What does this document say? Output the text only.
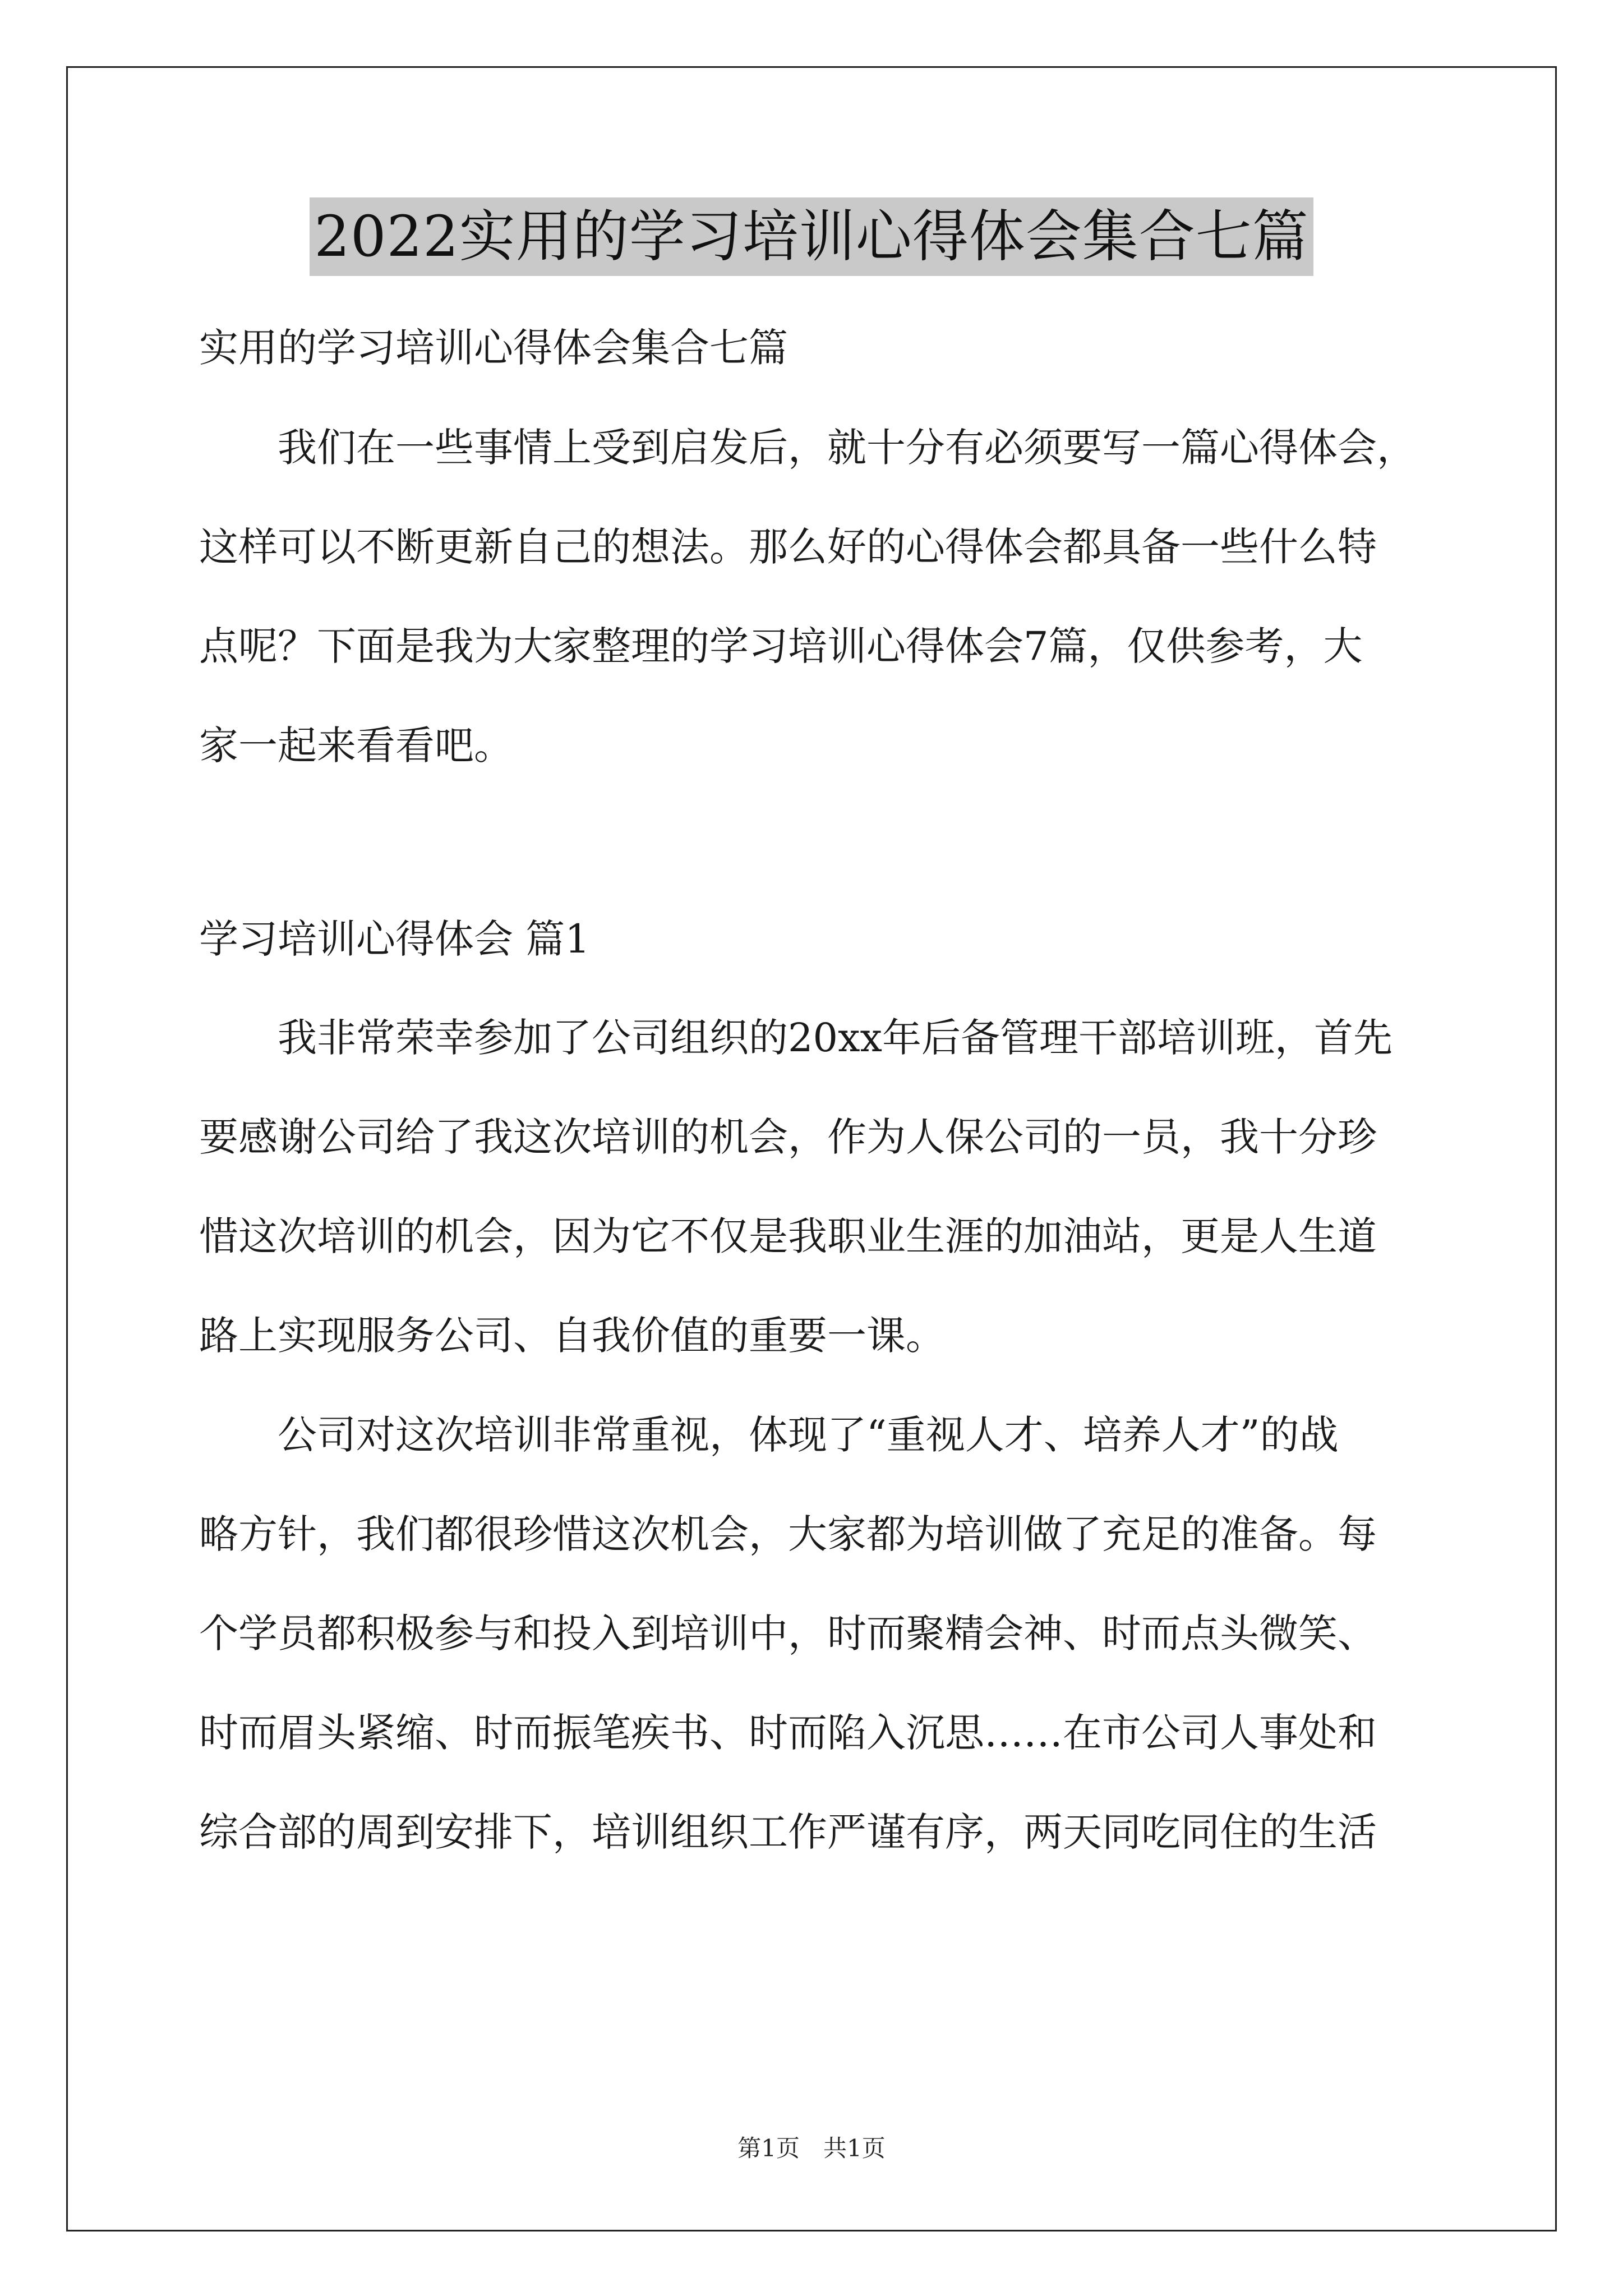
2022实用的学习培训心得体会集合七篇
实用的学习培训心得体会集合七篇
　　我们在一些事情上受到启发后，就十分有必须要写一篇心得体会，
这样可以不断更新自己的想法。那么好的心得体会都具备一些什么特
点呢？下面是我为大家整理的学习培训心得体会7篇，仅供参考，大
家一起来看看吧。
学习培训心得体会 篇1
　　我非常荣幸参加了公司组织的20xx年后备管理干部培训班，首先
要感谢公司给了我这次培训的机会，作为人保公司的一员，我十分珍
惜这次培训的机会，因为它不仅是我职业生涯的加油站，更是人生道
路上实现服务公司、自我价值的重要一课。
　　公司对这次培训非常重视，体现了“重视人才、培养人才”的战
略方针，我们都很珍惜这次机会，大家都为培训做了充足的准备。每
个学员都积极参与和投入到培训中，时而聚精会神、时而点头微笑、
时而眉头紧缩、时而振笔疾书、时而陷入沉思……在市公司人事处和
综合部的周到安排下，培训组织工作严谨有序，两天同吃同住的生活
第1页　共1页
